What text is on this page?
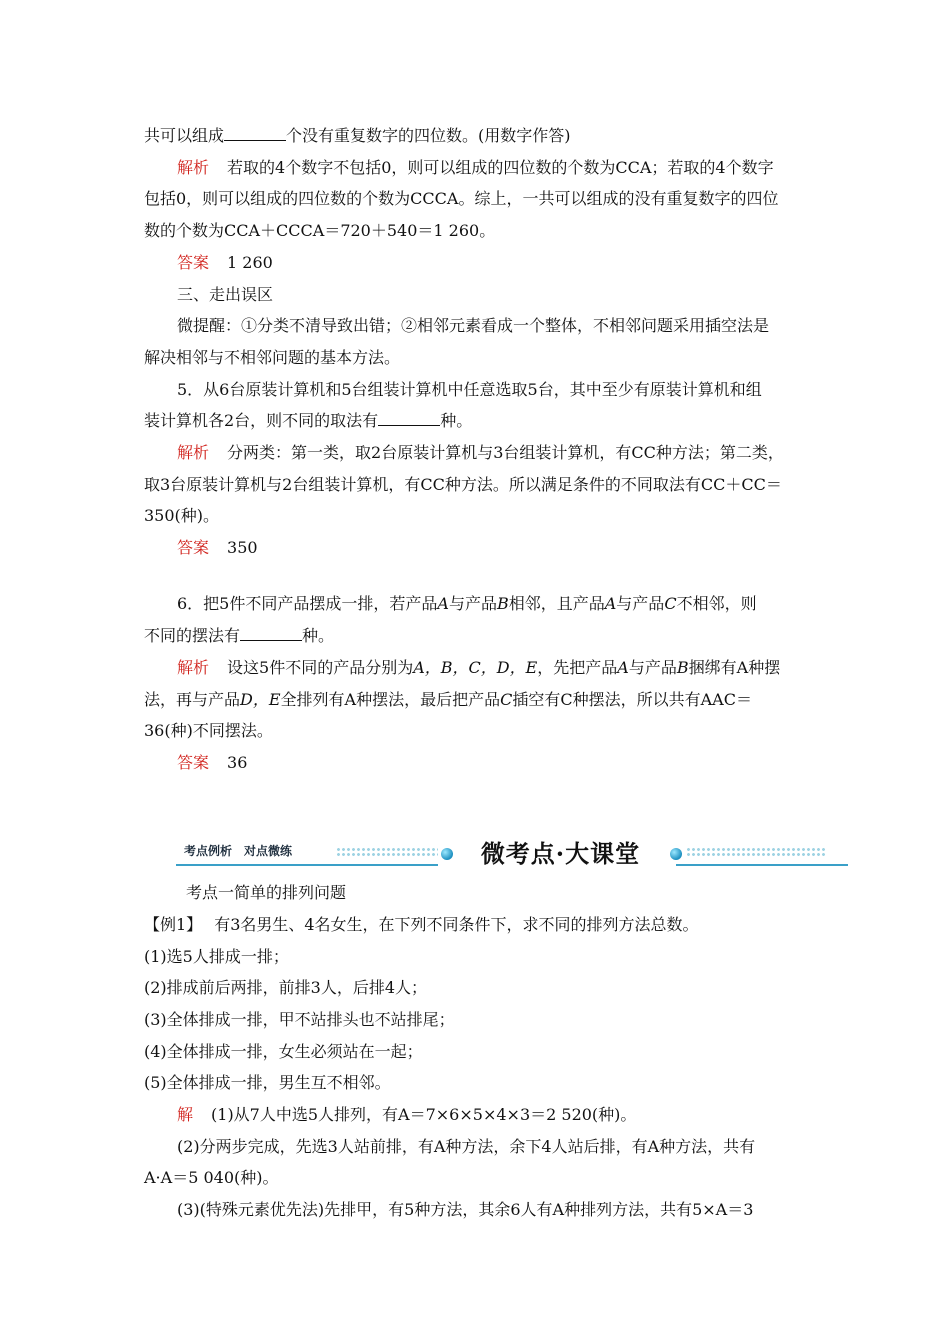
共可以组成	个没有重复数字的四位数。(用数字作答)
解析 若取的4个数字不包括0，则可以组成的四位数的个数为CCA；若取的4个数字
包括0，则可以组成的四位数的个数为CCCA。综上，一共可以组成的没有重复数字的四位
数的个数为CCA＋CCCA＝720＋540＝1 260。
答案 1 260
三、走出误区
微提醒：①分类不清导致出错；②相邻元素看成一个整体，不相邻问题采用插空法是
解决相邻与不相邻问题的基本方法。
5．从6台原装计算机和5台组装计算机中任意选取5台，其中至少有原装计算机和组
装计算机各2台，则不同的取法有	种。
解析 分两类：第一类，取2台原装计算机与3台组装计算机，有CC种方法；第二类，
取3台原装计算机与2台组装计算机，有CC种方法。所以满足条件的不同取法有CC＋CC＝
350(种)。
答案 350
6．把5件不同产品摆成一排，若产品A与产品B相邻，且产品A与产品C不相邻，则
不同的摆法有	种。
解析 设这5件不同的产品分别为A，B，C，D，E，先把产品A与产品B捆绑有A种摆
法，再与产品D，E全排列有A种摆法，最后把产品C插空有C种摆法，所以共有AAC＝
36(种)不同摆法。
答案 36
考点例析 对点微练	微考点·大课堂
考点一简单的排列问题
【例1】 有3名男生、4名女生，在下列不同条件下，求不同的排列方法总数。
(1)选5人排成一排；
(2)排成前后两排，前排3人，后排4人；
(3)全体排成一排，甲不站排头也不站排尾；
(4)全体排成一排，女生必须站在一起；
(5)全体排成一排，男生互不相邻。
解 (1)从7人中选5人排列，有A＝7×6×5×4×3＝2 520(种)。
(2)分两步完成，先选3人站前排，有A种方法，余下4人站后排，有A种方法，共有
A·A＝5 040(种)。
(3)(特殊元素优先法)先排甲，有5种方法，其余6人有A种排列方法，共有5×A＝3
